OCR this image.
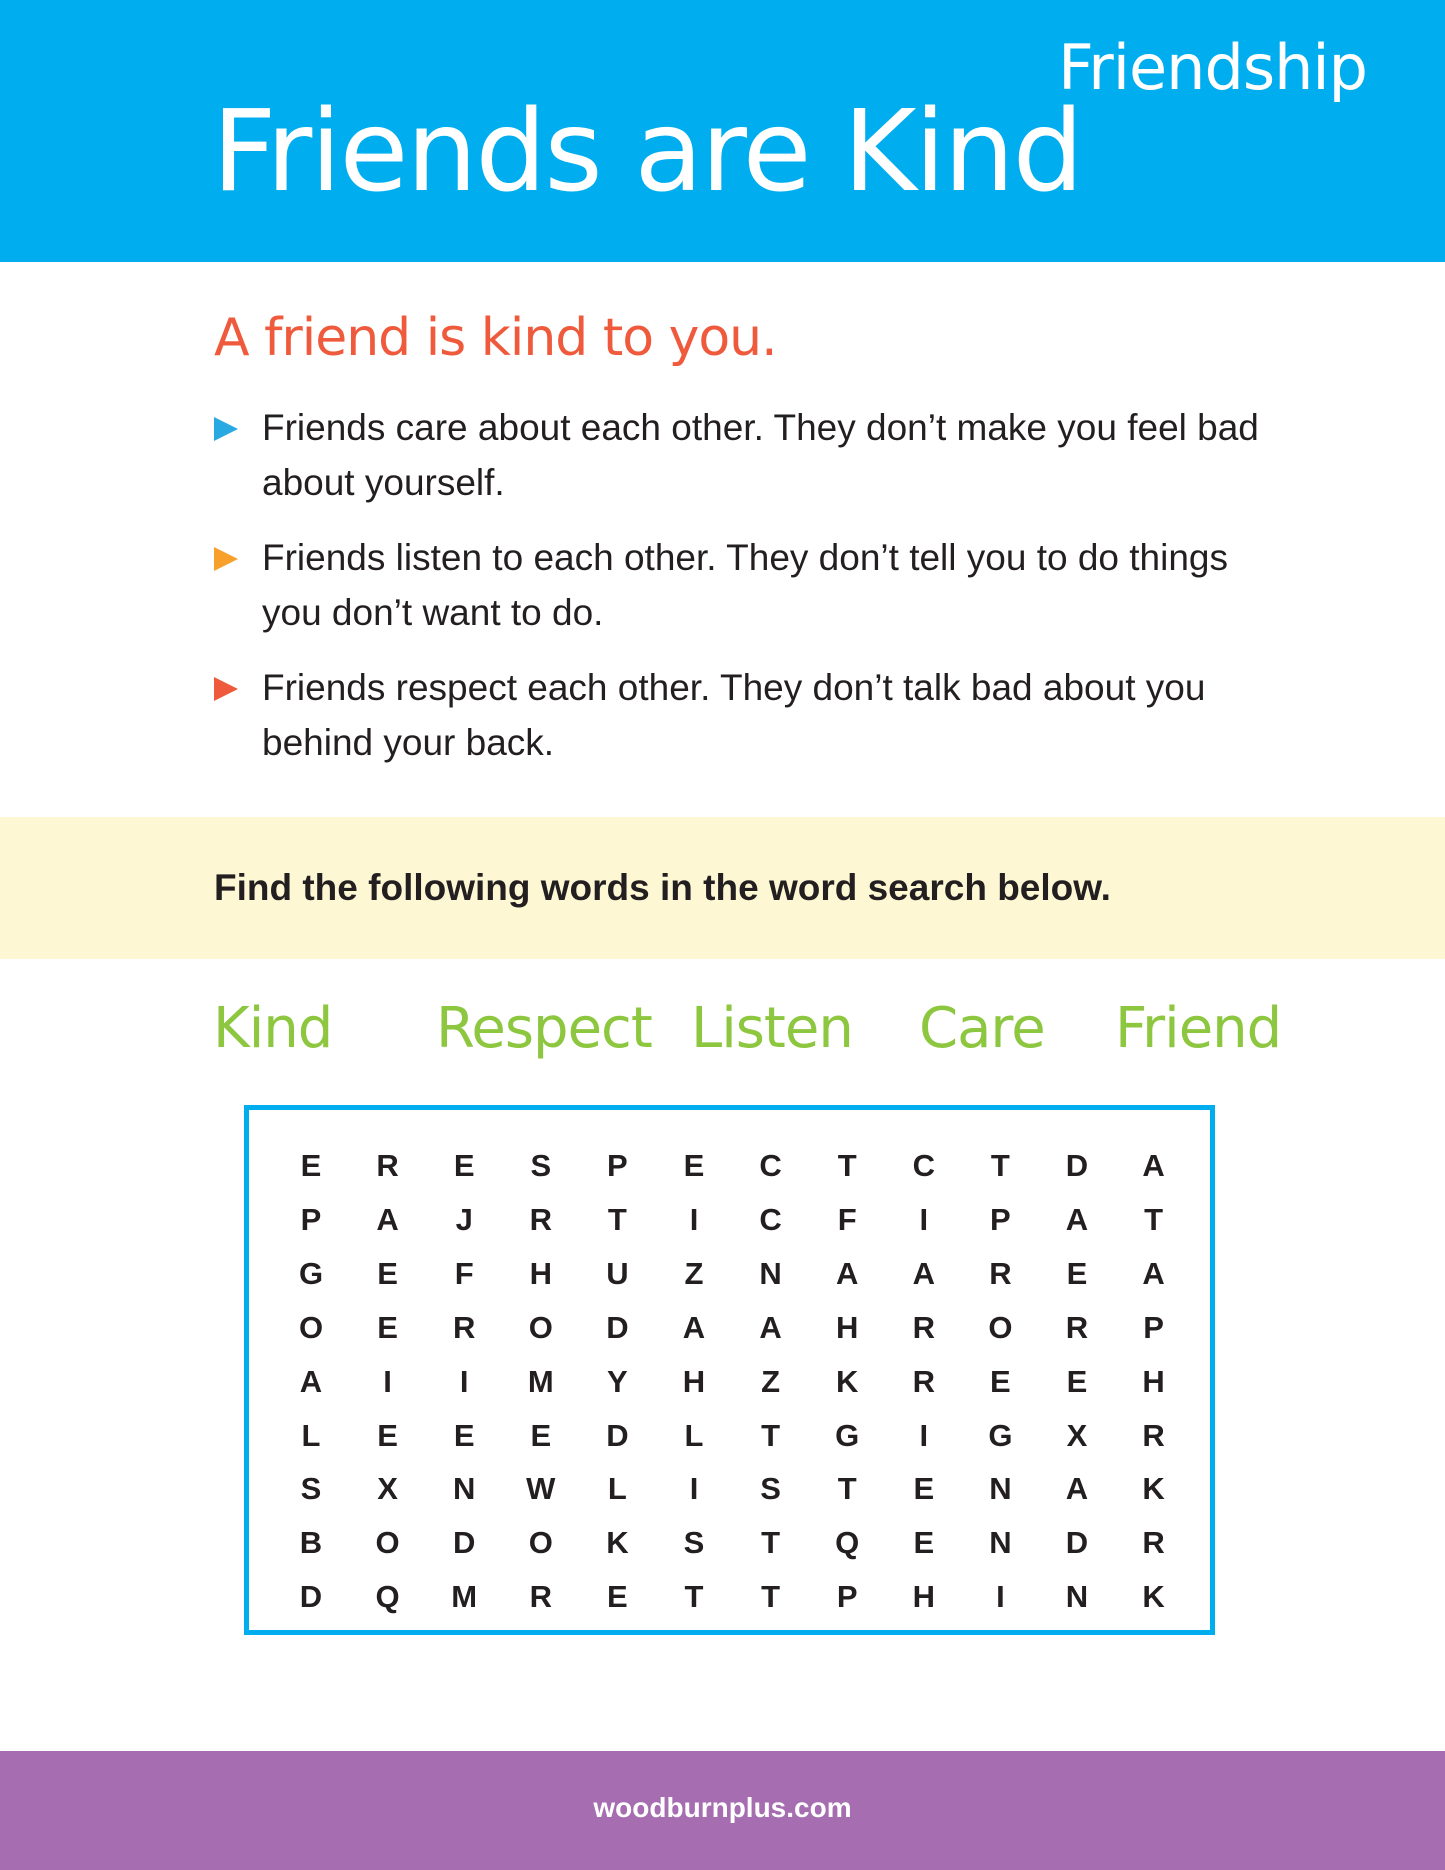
Friends are Kind
Friendship
A friend is kind to you.
Friends care about each other. They don’t make you feel bad about yourself.
Friends listen to each other. They don’t tell you to do things you don’t want to do.
Friends respect each other. They don’t talk bad about you behind your back.
Find the following words in the word search below.
Kind Respect Listen Care Friend
E	R	E	S	P	E	C	T	C	T	D	A
P	A	J	R	T	I	C	F	I	P	A	T
G	E	F	H	U	Z	N	A	A	R	E	A
O	E	R	O	D	A	A	H	R	O	R	P
A	I	I	M	Y	H	Z	K	R	E	E	H
L	E	E	E	D	L	T	G	I	G	X	R
S	X	N	W	L	I	S	T	E	N	A	K
B	O	D	O	K	S	T	Q	E	N	D	R
D	Q	M	R	E	T	T	P	H	I	N	K
woodburnplus.com
